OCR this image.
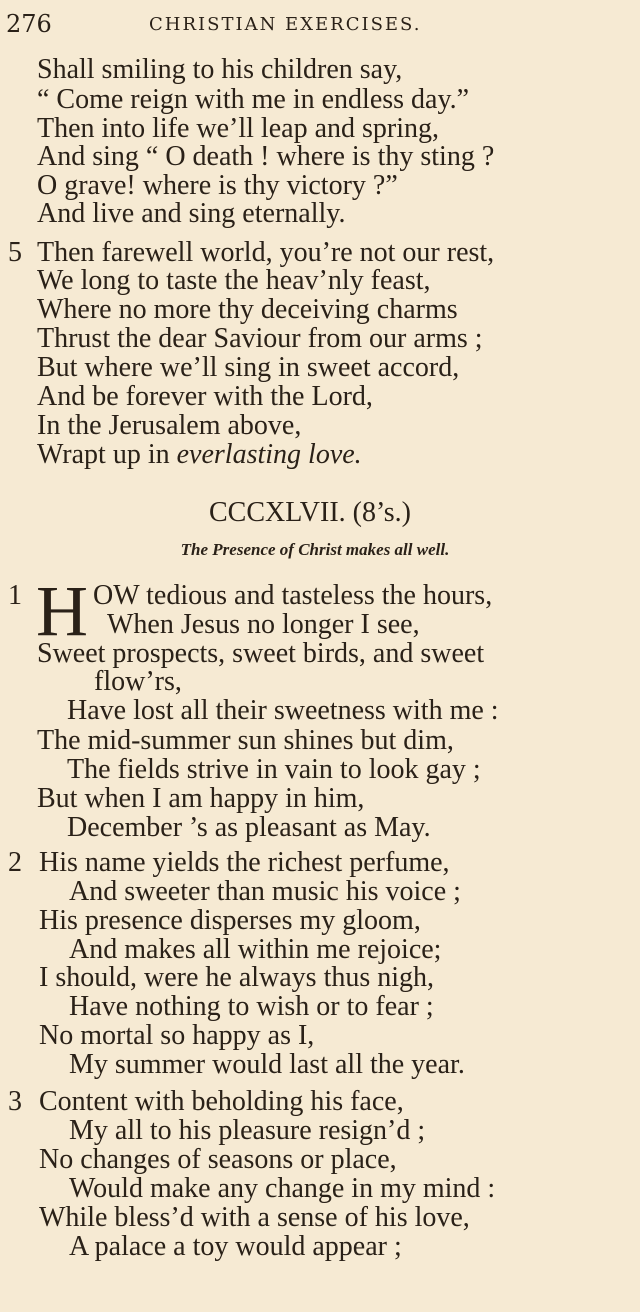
276	CHRISTIAN EXERCISES.
Shall smiling to his children say,
“ Come reign with me in endless day.”
Then into life we’ll leap and spring,
And sing “ O death ! where is thy sting ?
O grave! where is thy victory ?”
And live and sing eternally.
5 Then farewell world, you’re not our rest,
We long to taste the heav’nly feast,
Where no more thy deceiving charms
Thrust the dear Saviour from our arms ;
But where we’ll sing in sweet accord,
And be forever with the Lord,
In the Jerusalem above,
Wrapt up in everlasting love.
CCCXLVII. (8’s.)
The Presence of Christ makes all well.
1 H OW tedious and tasteless the hours,
When Jesus no longer I see,
Sweet prospects, sweet birds, and sweet
flow’rs,
Have lost all their sweetness with me :
The mid-summer sun shines but dim,
The fields strive in vain to look gay ;
But when I am happy in him,
December ’s as pleasant as May.
2 His name yields the richest perfume,
And sweeter than music his voice ;
His presence disperses my gloom,
And makes all within me rejoice;
I should, were he always thus nigh,
Have nothing to wish or to fear ;
No mortal so happy as I,
My summer would last all the year.
3 Content with beholding his face,
My all to his pleasure resign’d ;
No changes of seasons or place,
Would make any change in my mind :
While bless’d with a sense of his love,
A palace a toy would appear ;
